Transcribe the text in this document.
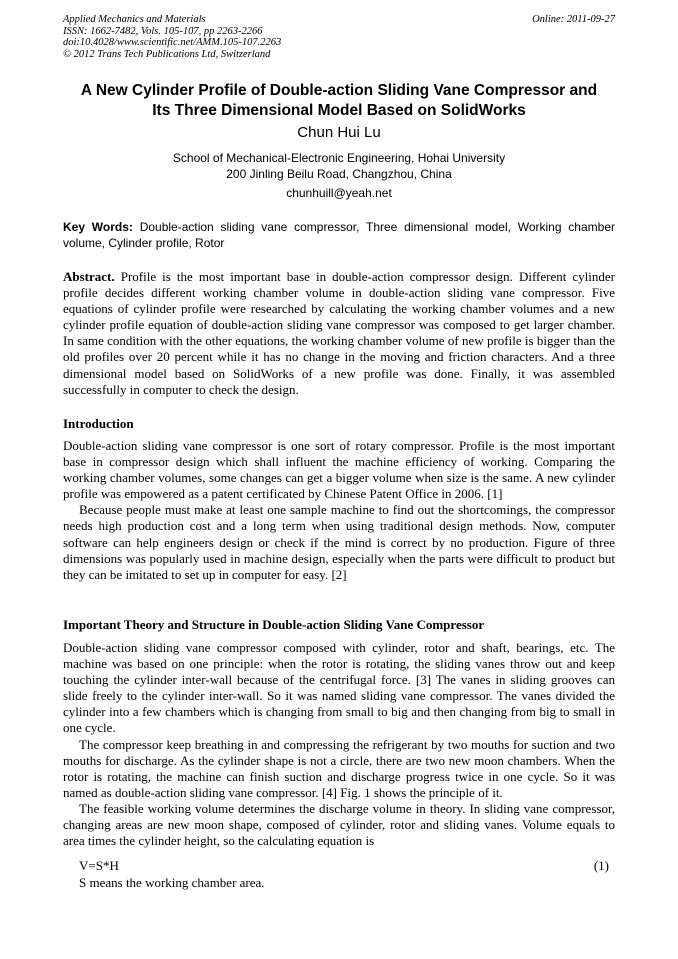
Applied Mechanics and Materials
ISSN: 1662-7482, Vols. 105-107, pp 2263-2266
doi:10.4028/www.scientific.net/AMM.105-107.2263
© 2012 Trans Tech Publications Ltd, Switzerland
Online: 2011-09-27
A New Cylinder Profile of Double-action Sliding Vane Compressor and
Its Three Dimensional Model Based on SolidWorks
Chun Hui Lu
School of Mechanical-Electronic Engineering, Hohai University
200 Jinling Beilu Road, Changzhou, China
chunhuill@yeah.net
Key Words: Double-action sliding vane compressor, Three dimensional model, Working chamber volume, Cylinder profile, Rotor
Abstract. Profile is the most important base in double-action compressor design. Different cylinder profile decides different working chamber volume in double-action sliding vane compressor. Five equations of cylinder profile were researched by calculating the working chamber volumes and a new cylinder profile equation of double-action sliding vane compressor was composed to get larger chamber. In same condition with the other equations, the working chamber volume of new profile is bigger than the old profiles over 20 percent while it has no change in the moving and friction characters. And a three dimensional model based on SolidWorks of a new profile was done. Finally, it was assembled successfully in computer to check the design.
Introduction

Double-action sliding vane compressor is one sort of rotary compressor. Profile is the most important base in compressor design which shall influent the machine efficiency of working. Comparing the working chamber volumes, some changes can get a bigger volume when size is the same. A new cylinder profile was empowered as a patent certificated by Chinese Patent Office in 2006. [1]

Because people must make at least one sample machine to find out the shortcomings, the compressor needs high production cost and a long term when using traditional design methods. Now, computer software can help engineers design or check if the mind is correct by no production. Figure of three dimensions was popularly used in machine design, especially when the parts were difficult to product but they can be imitated to set up in computer for easy. [2]

Important Theory and Structure in Double-action Sliding Vane Compressor

Double-action sliding vane compressor composed with cylinder, rotor and shaft, bearings, etc. The machine was based on one principle: when the rotor is rotating, the sliding vanes throw out and keep touching the cylinder inter-wall because of the centrifugal force. [3] The vanes in sliding grooves can slide freely to the cylinder inter-wall. So it was named sliding vane compressor. The vanes divided the cylinder into a few chambers which is changing from small to big and then changing from big to small in one cycle.

The compressor keep breathing in and compressing the refrigerant by two mouths for suction and two mouths for discharge. As the cylinder shape is not a circle, there are two new moon chambers. When the rotor is rotating, the machine can finish suction and discharge progress twice in one cycle. So it was named as double-action sliding vane compressor. [4] Fig. 1 shows the principle of it.

The feasible working volume determines the discharge volume in theory. In sliding vane compressor, changing areas are new moon shape, composed of cylinder, rotor and sliding vanes. Volume equals to area times the cylinder height, so the calculating equation is

V=S*H	(1)
S means the working chamber area.
